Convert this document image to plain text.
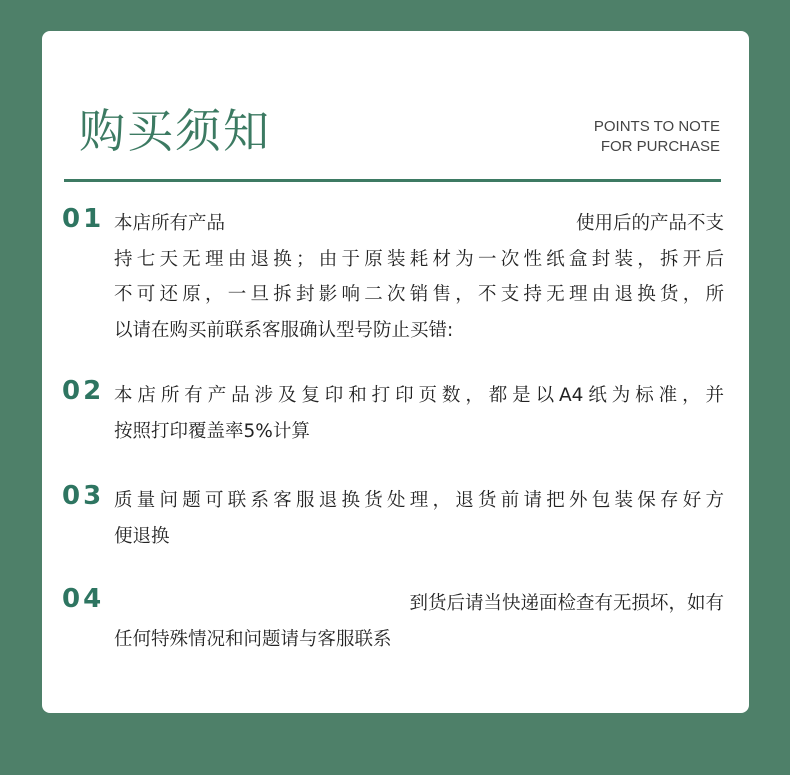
购买须知	POINTS TO NOTE
FOR PURCHASE
01 本店所有产品	使用后的产品不支
持七天无理由退换；由于原装耗材为一次性纸盒封装，拆开后
不可还原，一旦拆封影响二次销售，不支持无理由退换货，所
以请在购买前联系客服确认型号防止买错:
02 本店所有产品涉及复印和打印页数，都是以A4纸为标准，并
按照打印覆盖率5%计算
03 质量问题可联系客服退换货处理，退货前请把外包装保存好方
便退换
04	到货后请当快递面检查有无损坏，如有
任何特殊情况和问题请与客服联系
